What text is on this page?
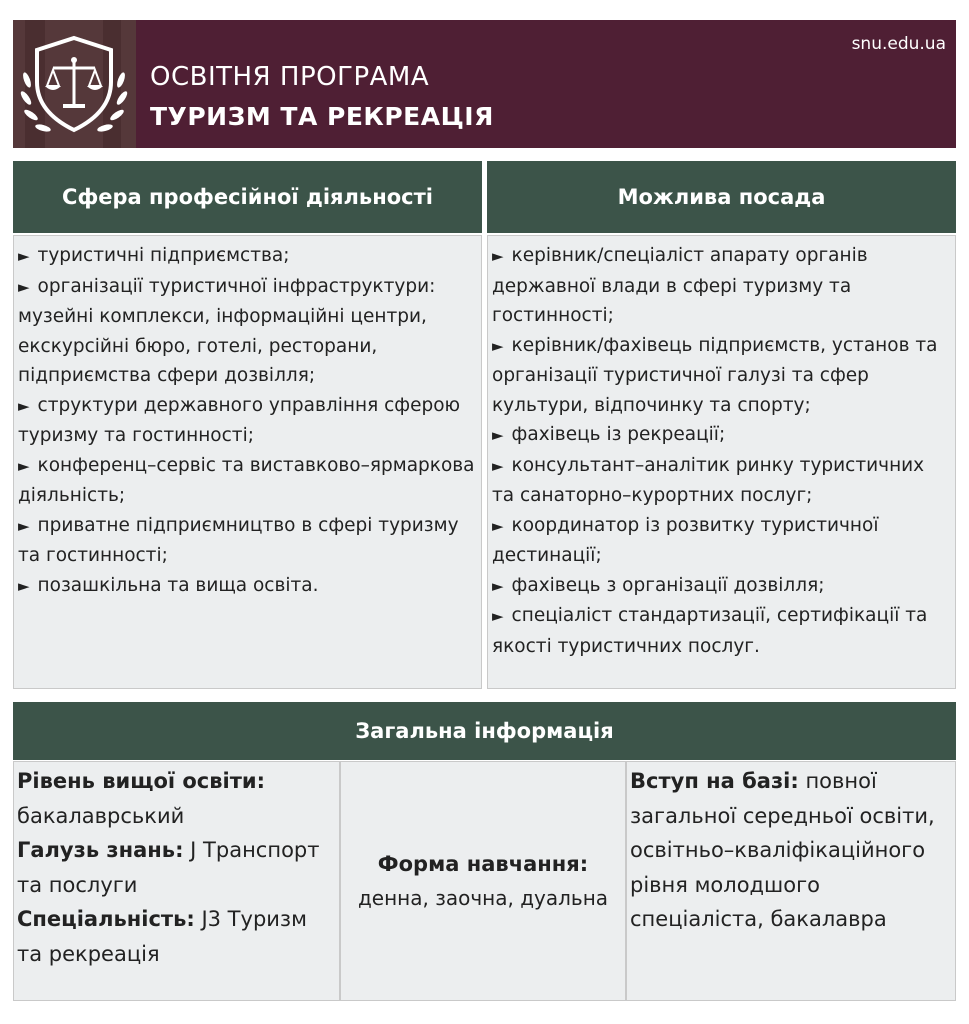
snu.edu.ua
ОСВІТНЯ ПРОГРАМА
ТУРИЗМ ТА РЕКРЕАЦІЯ
Сфера професійної діяльності	Можлива посада
► туристичні підприємства;
► організації туристичної інфраструктури: музейні комплекси, інформаційні центри, екскурсійні бюро, готелі, ресторани, підприємства сфери дозвілля;
► структури державного управління сферою туризму та гостинності;
► конференц–сервіс та виставково–ярмаркова діяльність;
► приватне підприємництво в сфері туризму та гостинності;
► позашкільна та вища освіта.
► керівник/спеціаліст апарату органів державної влади в сфері туризму та гостинності;
► керівник/фахівець підприємств, установ та організації туристичної галузі та сфер культури, відпочинку та спорту;
► фахівець із рекреації;
► консультант–аналітик ринку туристичних та санаторно–курортних послуг;
► координатор із розвитку туристичної дестинації;
► фахівець з організації дозвілля;
► спеціаліст стандартизації, сертифікації та якості туристичних послуг.
Загальна інформація
Рівень вищої освіти:
бакалаврський
Галузь знань: J Транспорт та послуги
Спеціальність: J3 Туризм та рекреація
Форма навчання:
денна, заочна, дуальна
Вступ на базі: повної загальної середньої освіти, освітньо–кваліфікаційного рівня молодшого спеціаліста, бакалавра
